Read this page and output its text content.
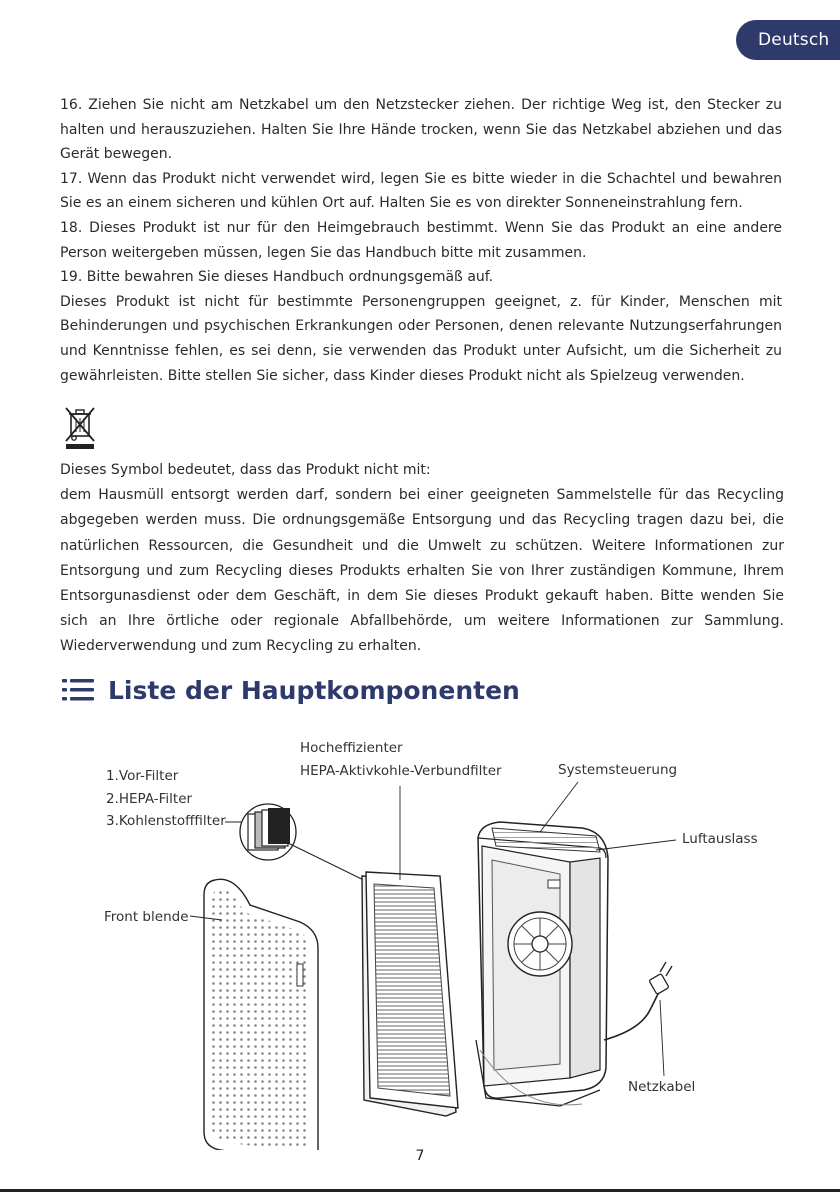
Deutsch

16. Ziehen Sie nicht am Netzkabel um den Netzstecker ziehen. Der richtige Weg ist, den Stecker zu halten und herauszuziehen. Halten Sie Ihre Hände trocken, wenn Sie das Netzkabel abziehen und das Gerät bewegen.

17. Wenn das Produkt nicht verwendet wird, legen Sie es bitte wieder in die Schachtel und bewahren Sie es an einem sicheren und kühlen Ort auf. Halten Sie es von direkter Sonneneinstrahlung fern.

18. Dieses Produkt ist nur für den Heimgebrauch bestimmt. Wenn Sie das Produkt an eine andere Person weitergeben müssen, legen Sie das Handbuch bitte mit zusammen.

19. Bitte bewahren Sie dieses Handbuch ordnungsgemäß auf.

Dieses Produkt ist nicht für bestimmte Personengruppen geeignet, z. für Kinder, Menschen mit Behinderungen und psychischen Erkrankungen oder Personen, denen relevante Nutzungserfahrungen und Kenntnisse fehlen, es sei denn, sie verwenden das Produkt unter Aufsicht, um die Sicherheit zu gewährleisten. Bitte stellen Sie sicher, dass Kinder dieses Produkt nicht als Spielzeug verwenden.

Dieses Symbol bedeutet, dass das Produkt nicht mit:

dem Hausmüll entsorgt werden darf, sondern bei einer geeigneten Sammelstelle für das Recycling abgegeben werden muss. Die ordnungsgemäße Entsorgung und das Recycling tragen dazu bei, die natürlichen Ressourcen, die Gesundheit und die Umwelt zu schützen. Weitere Informationen zur Entsorgung und zum Recycling dieses Produkts erhalten Sie von Ihrer zuständigen Kommune, Ihrem Entsorgunasdienst oder dem Geschäft, in dem Sie dieses Produkt gekauft haben. Bitte wenden Sie sich an Ihre örtliche oder regionale Abfallbehörde, um weitere Informationen zur Sammlung. Wiederverwendung und zum Recycling zu erhalten.

Liste der Hauptkomponenten
1.Vor-Filter
2.HEPA-Filter
3.Kohlenstofffilter
Hocheffizienter
HEPA-Aktivkohle-Verbundfilter	Systemsteuerung
Luftauslass
Front blende
Netzkabel
7
